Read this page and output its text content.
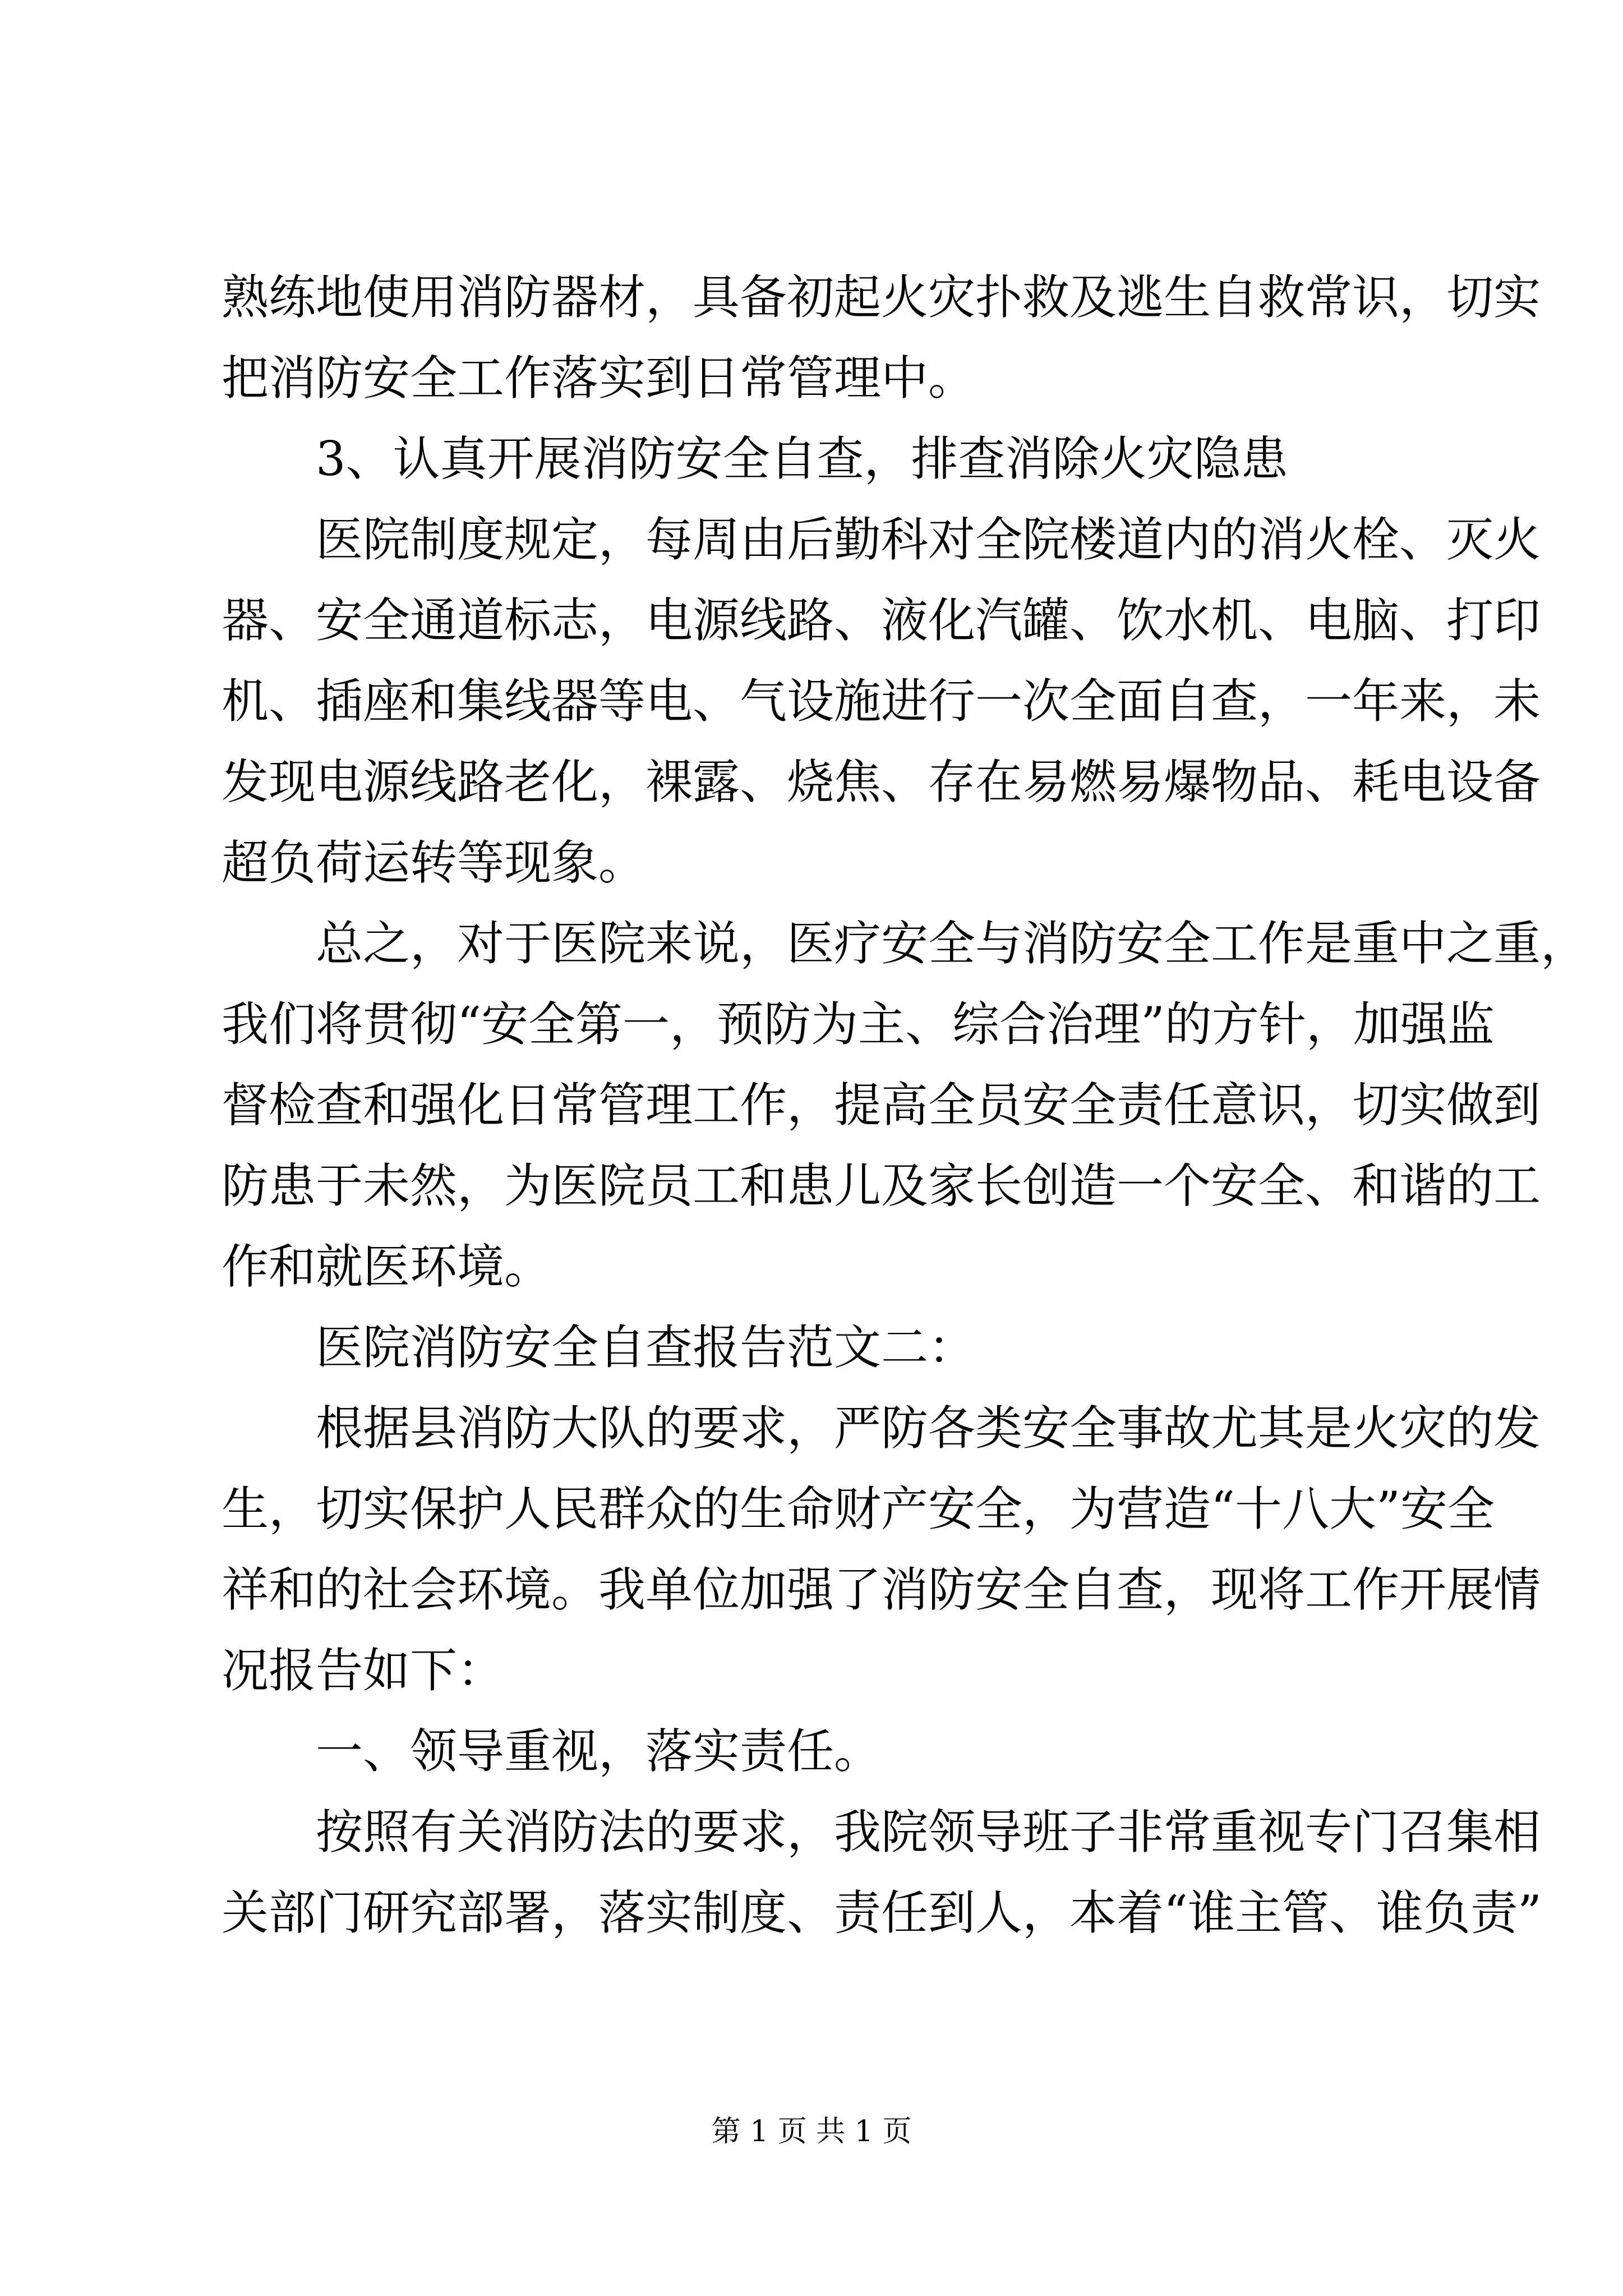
熟练地使用消防器材，具备初起火灾扑救及逃生自救常识，切实
把消防安全工作落实到日常管理中。
3、认真开展消防安全自查，排查消除火灾隐患
医院制度规定，每周由后勤科对全院楼道内的消火栓、灭火
器、安全通道标志，电源线路、液化汽罐、饮水机、电脑、打印
机、插座和集线器等电、气设施进行一次全面自查，一年来，未
发现电源线路老化，裸露、烧焦、存在易燃易爆物品、耗电设备
超负荷运转等现象。
总之，对于医院来说，医疗安全与消防安全工作是重中之重，
我们将贯彻“安全第一，预防为主、综合治理”的方针，加强监
督检查和强化日常管理工作，提高全员安全责任意识，切实做到
防患于未然，为医院员工和患儿及家长创造一个安全、和谐的工
作和就医环境。
医院消防安全自查报告范文二：
根据县消防大队的要求，严防各类安全事故尤其是火灾的发
生，切实保护人民群众的生命财产安全，为营造“十八大”安全
祥和的社会环境。我单位加强了消防安全自查，现将工作开展情
况报告如下：
一、领导重视，落实责任。
按照有关消防法的要求，我院领导班子非常重视专门召集相
关部门研究部署，落实制度、责任到人，本着“谁主管、谁负责”
第 1 页 共 1 页
